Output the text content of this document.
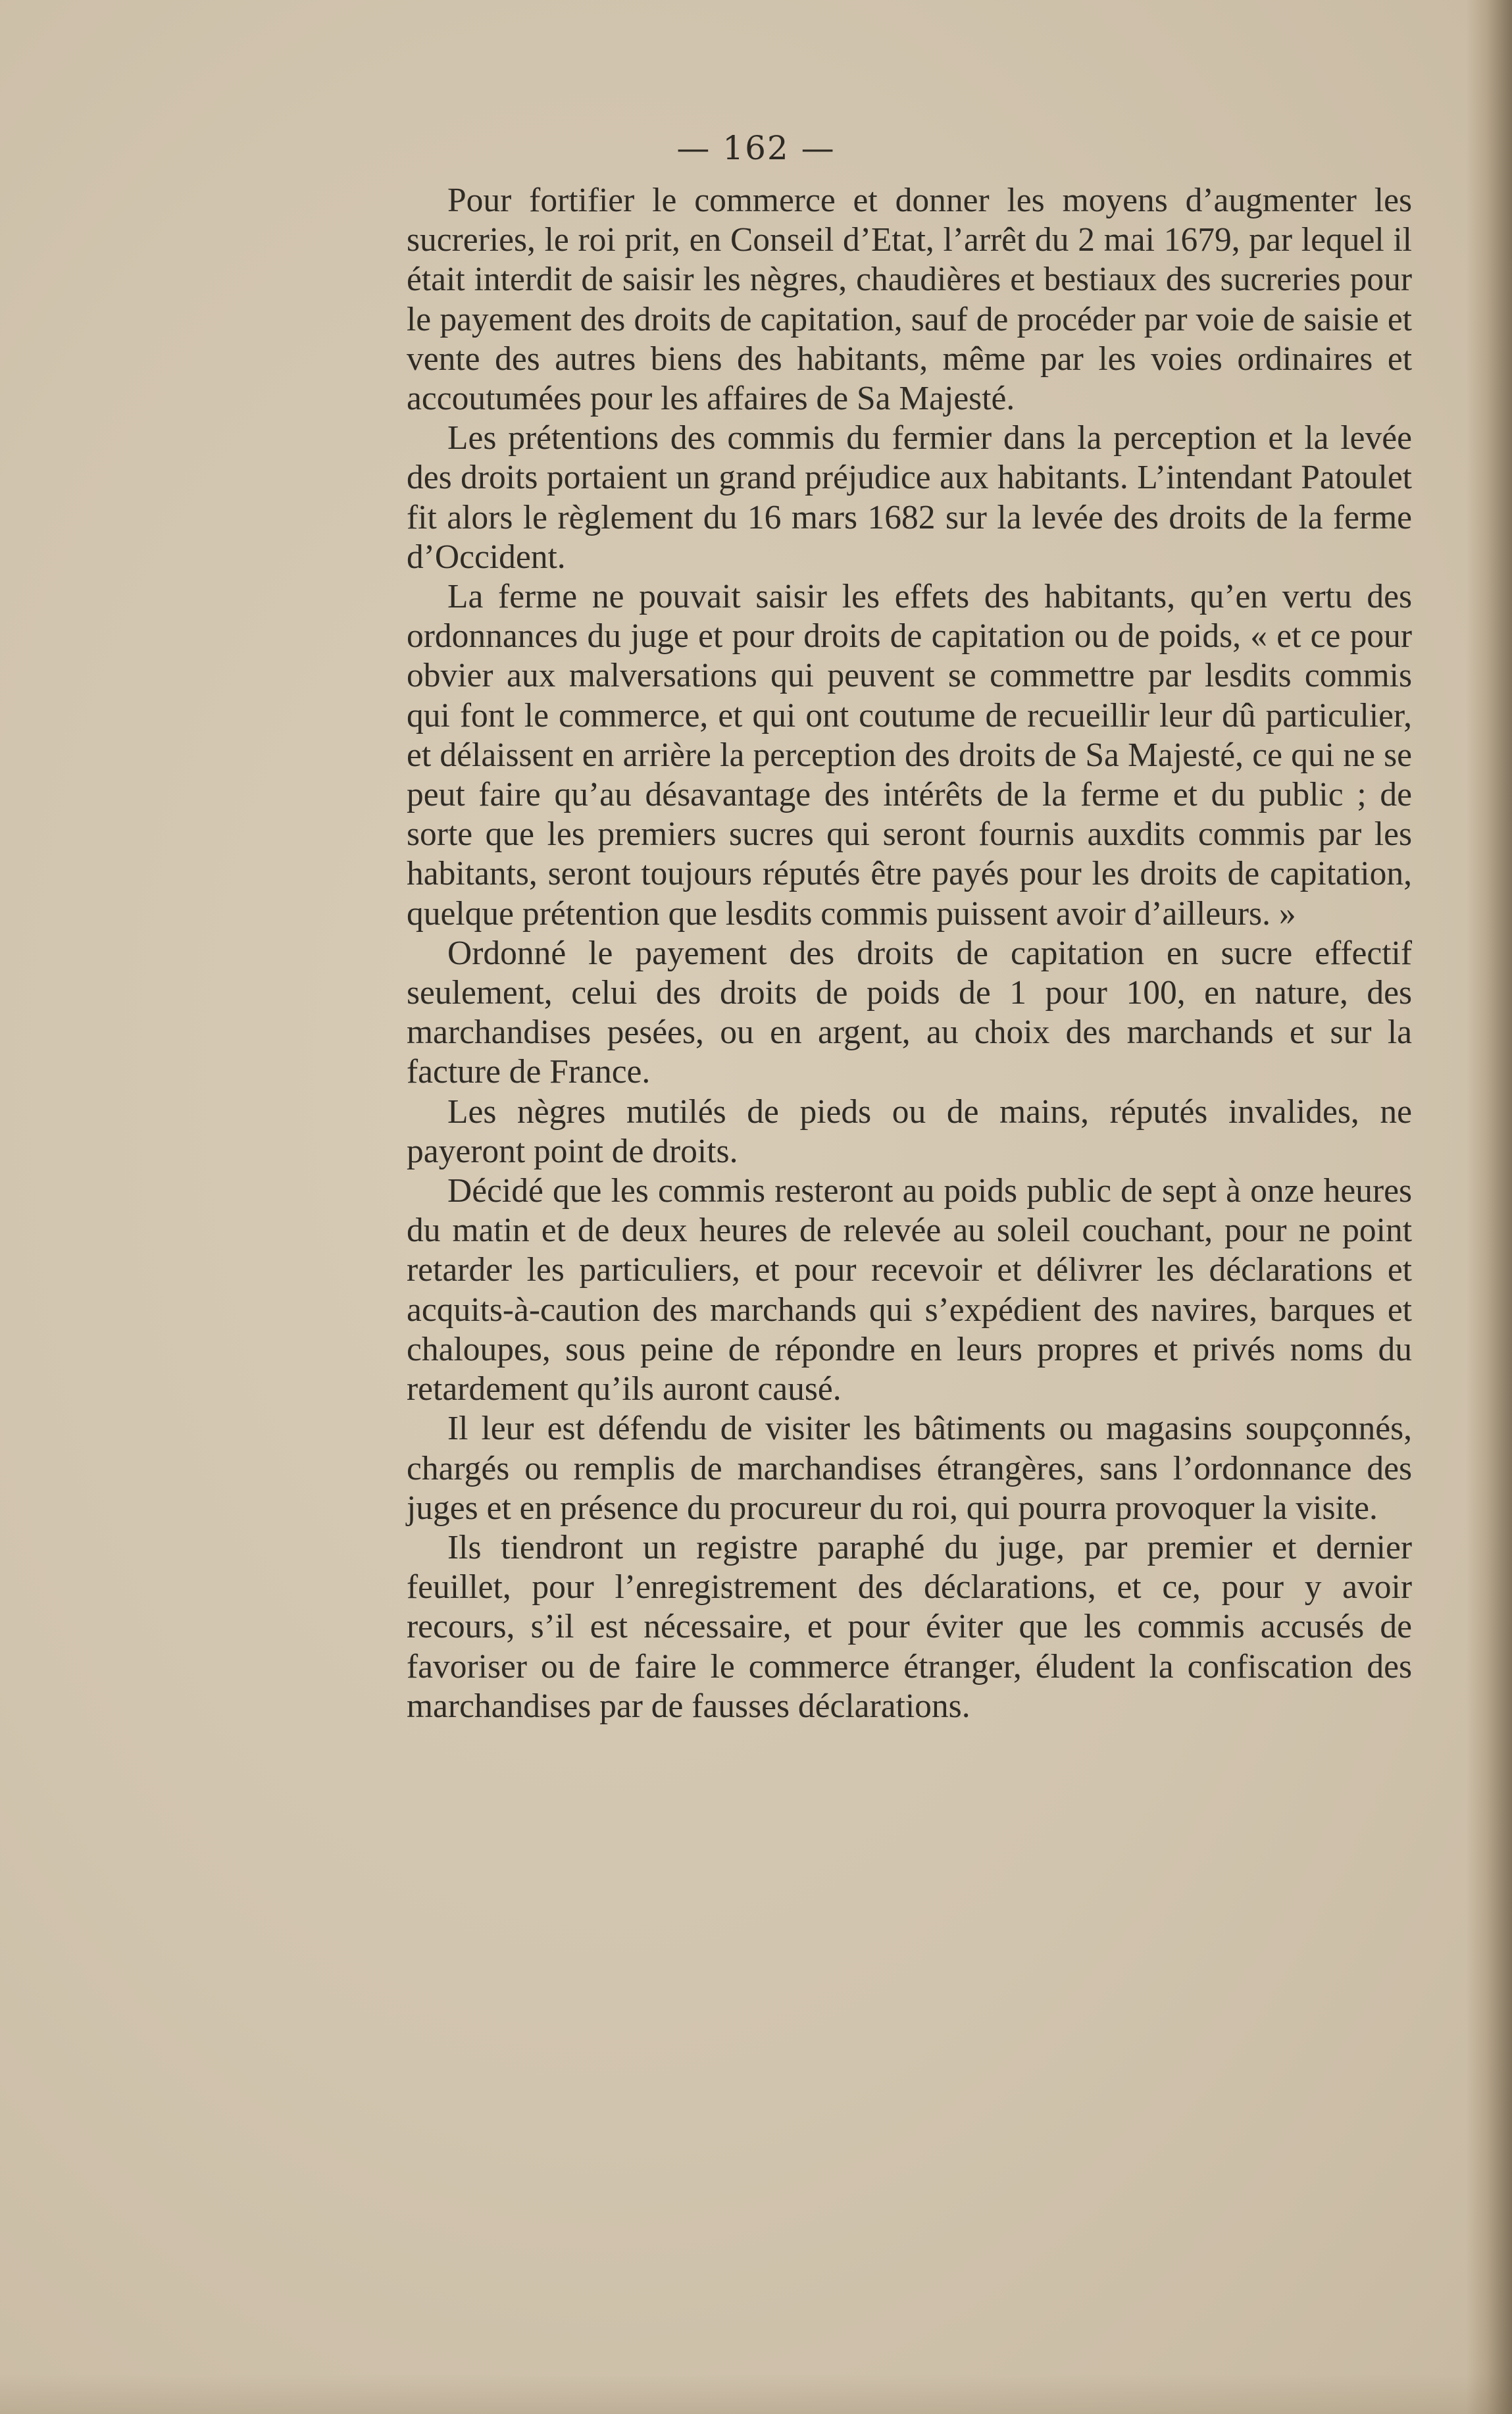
— 162 —

Pour fortifier le commerce et donner les moyens d’augmenter les sucreries, le roi prit, en Conseil d’Etat, l’arrêt du 2 mai 1679, par lequel il était interdit de saisir les nègres, chaudières et bestiaux des sucreries pour le payement des droits de capitation, sauf de procéder par voie de saisie et vente des autres biens des habitants, même par les voies ordinaires et accoutumées pour les affaires de Sa Majesté.

Les prétentions des commis du fermier dans la perception et la levée des droits portaient un grand préjudice aux habitants. L’intendant Patoulet fit alors le règlement du 16 mars 1682 sur la levée des droits de la ferme d’Occident.

La ferme ne pouvait saisir les effets des habitants, qu’en vertu des ordonnances du juge et pour droits de capitation ou de poids, « et ce pour obvier aux malversations qui peuvent se commettre par lesdits commis qui font le commerce, et qui ont coutume de recueillir leur dû particulier, et délaissent en arrière la perception des droits de Sa Majesté, ce qui ne se peut faire qu’au désavantage des intérêts de la ferme et du public ; de sorte que les premiers sucres qui seront fournis auxdits commis par les habitants, seront toujours réputés être payés pour les droits de capitation, quelque prétention que lesdits commis puissent avoir d’ailleurs. »

Ordonné le payement des droits de capitation en sucre effectif seulement, celui des droits de poids de 1 pour 100, en nature, des marchandises pesées, ou en argent, au choix des marchands et sur la facture de France.

Les nègres mutilés de pieds ou de mains, réputés invalides, ne payeront point de droits.

Décidé que les commis resteront au poids public de sept à onze heures du matin et de deux heures de relevée au soleil couchant, pour ne point retarder les particuliers, et pour recevoir et délivrer les déclarations et acquits-à-caution des marchands qui s’expédient des navires, barques et chaloupes, sous peine de répondre en leurs propres et privés noms du retardement qu’ils auront causé.

Il leur est défendu de visiter les bâtiments ou magasins soupçonnés, chargés ou remplis de marchandises étrangères, sans l’ordonnance des juges et en présence du procureur du roi, qui pourra provoquer la visite.

Ils tiendront un registre paraphé du juge, par premier et dernier feuillet, pour l’enregistrement des déclarations, et ce, pour y avoir recours, s’il est nécessaire, et pour éviter que les commis accusés de favoriser ou de faire le commerce étranger, éludent la confiscation des marchandises par de fausses déclarations.
